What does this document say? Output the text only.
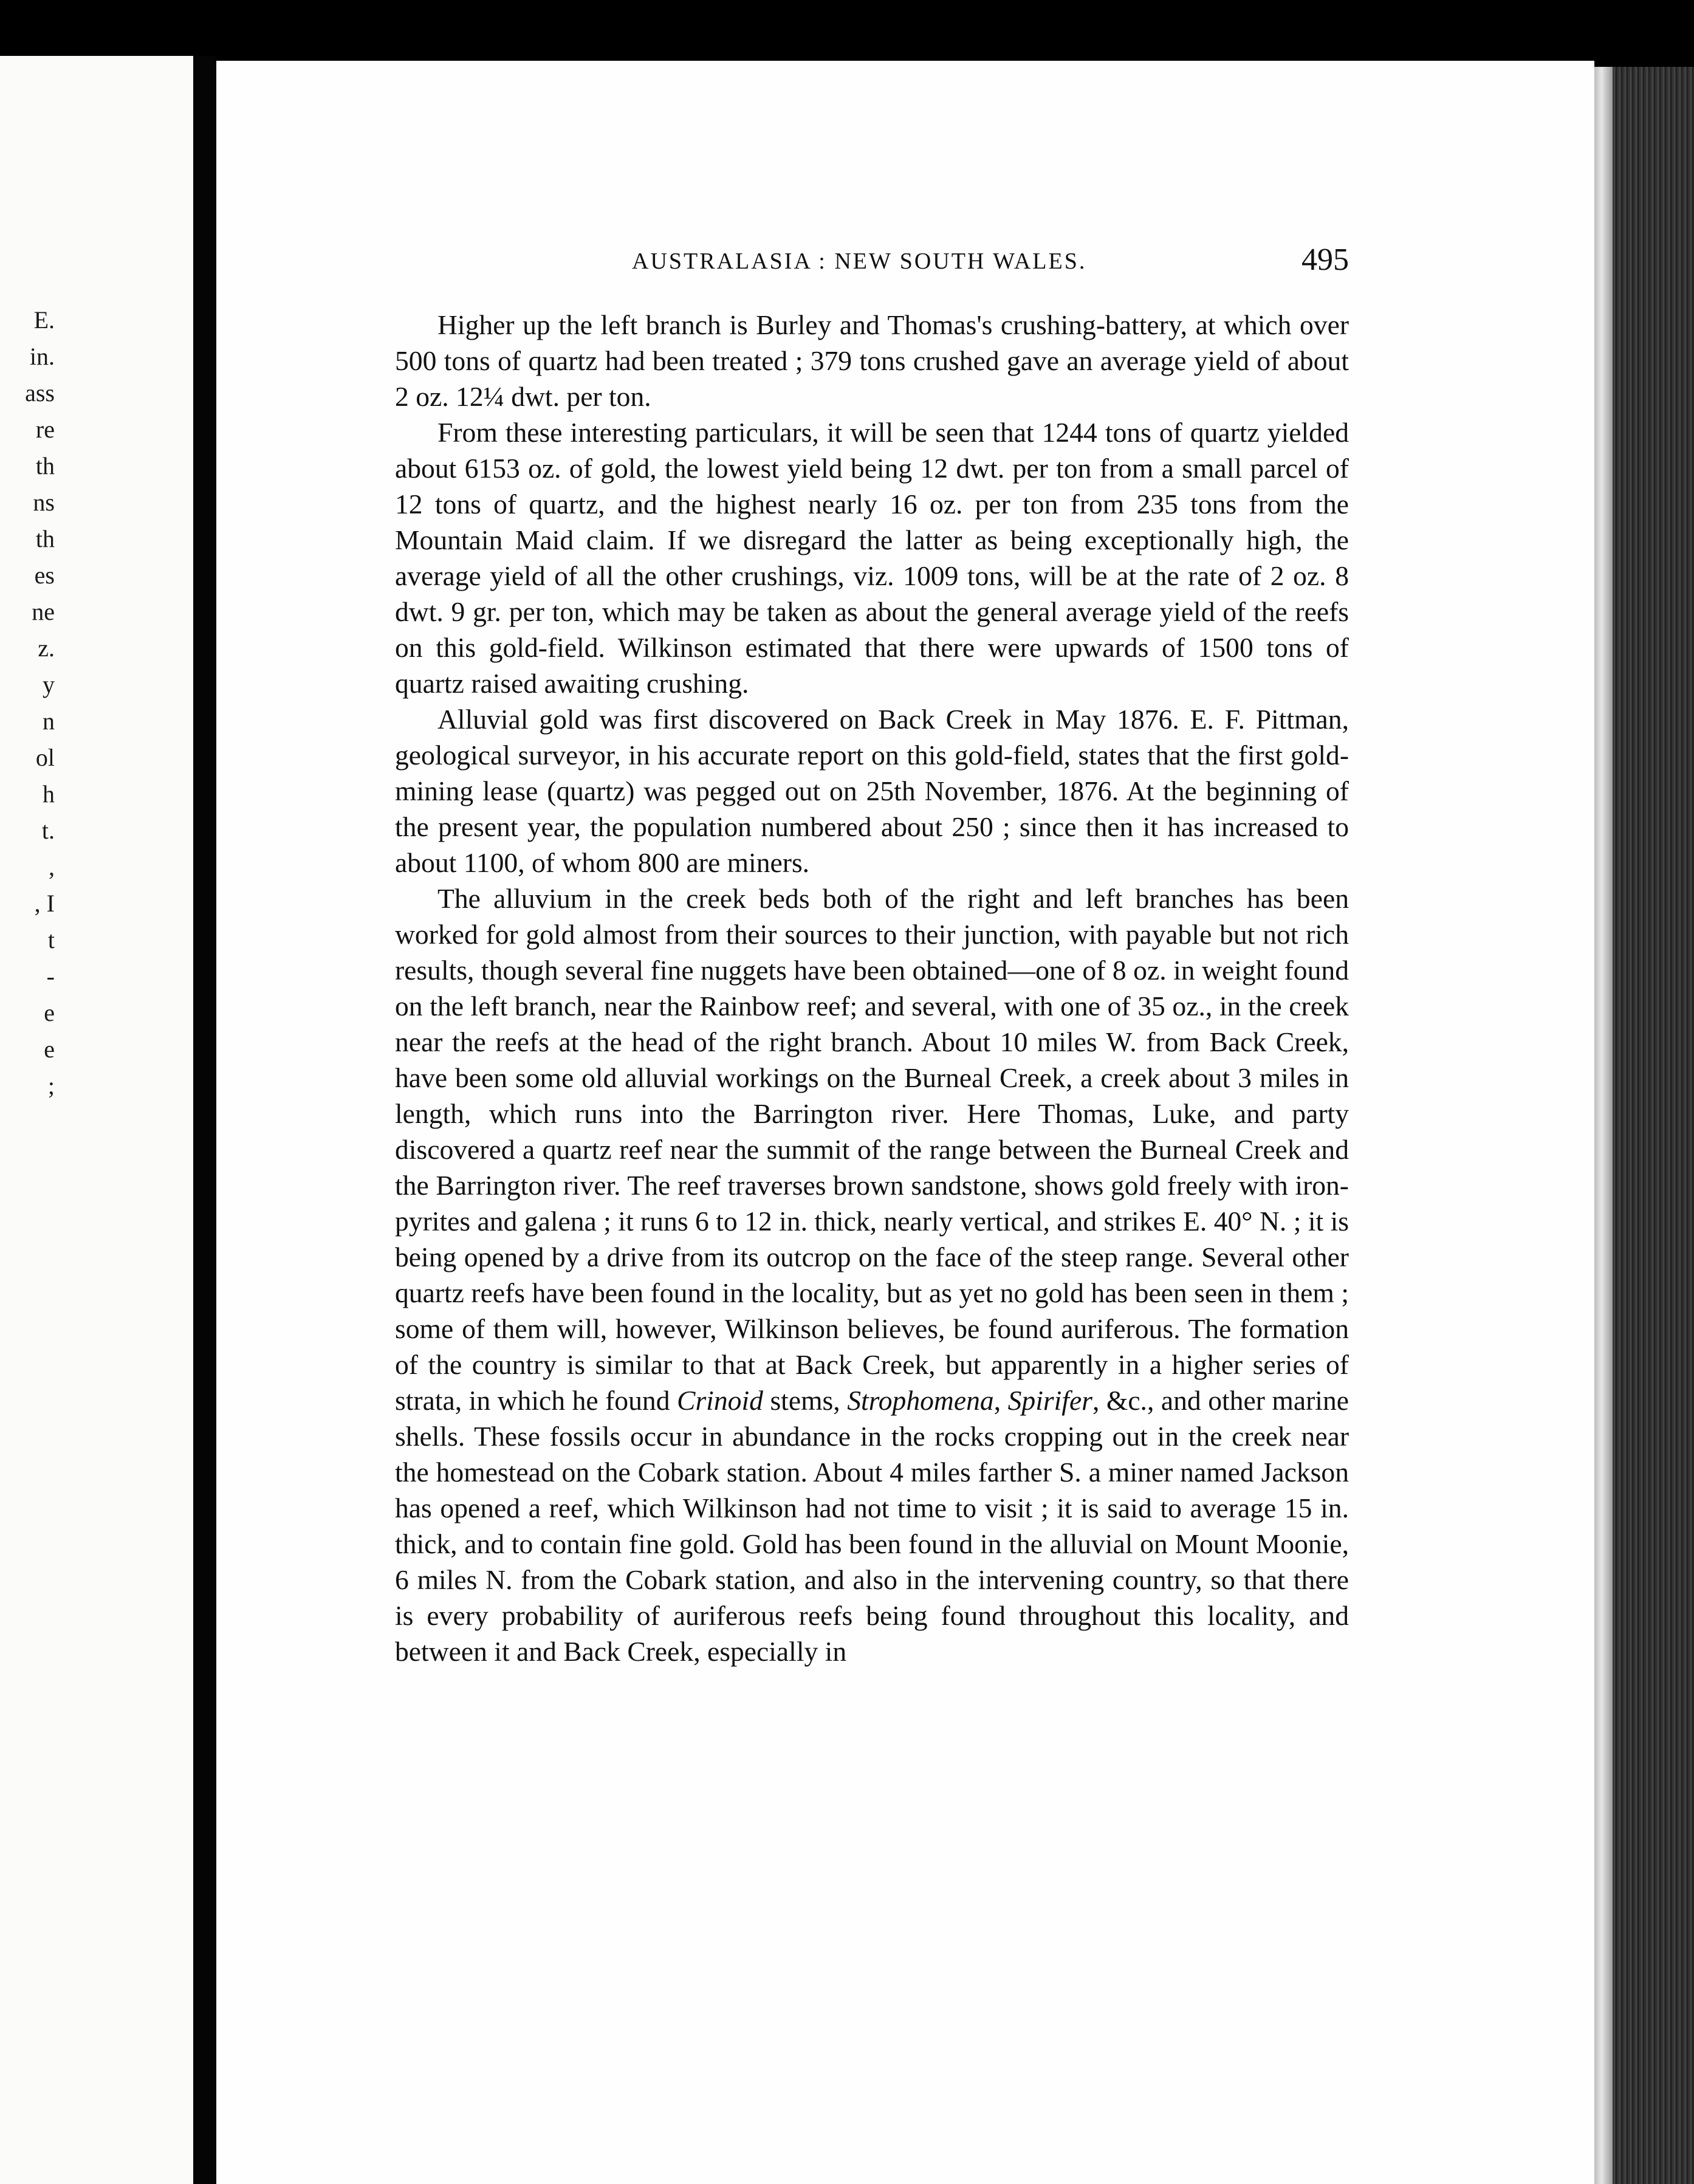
E.
in.
ass
re
th
ns
th
es
ne
z.
y
n
ol
h
t.
,
, I
t
-
e
e
;
AUSTRALASIA : NEW SOUTH WALES.	495

Higher up the left branch is Burley and Thomas's crushing-battery, at which over 500 tons of quartz had been treated ; 379 tons crushed gave an average yield of about 2 oz. 12¼ dwt. per ton.

From these interesting particulars, it will be seen that 1244 tons of quartz yielded about 6153 oz. of gold, the lowest yield being 12 dwt. per ton from a small parcel of 12 tons of quartz, and the highest nearly 16 oz. per ton from 235 tons from the Mountain Maid claim. If we disregard the latter as being exceptionally high, the average yield of all the other crushings, viz. 1009 tons, will be at the rate of 2 oz. 8 dwt. 9 gr. per ton, which may be taken as about the general average yield of the reefs on this gold-field. Wilkinson estimated that there were upwards of 1500 tons of quartz raised awaiting crushing.

Alluvial gold was first discovered on Back Creek in May 1876. E. F. Pittman, geological surveyor, in his accurate report on this gold-field, states that the first gold-mining lease (quartz) was pegged out on 25th November, 1876. At the beginning of the present year, the population numbered about 250 ; since then it has increased to about 1100, of whom 800 are miners.

The alluvium in the creek beds both of the right and left branches has been worked for gold almost from their sources to their junction, with payable but not rich results, though several fine nuggets have been obtained—one of 8 oz. in weight found on the left branch, near the Rainbow reef; and several, with one of 35 oz., in the creek near the reefs at the head of the right branch. About 10 miles W. from Back Creek, have been some old alluvial workings on the Burneal Creek, a creek about 3 miles in length, which runs into the Barrington river. Here Thomas, Luke, and party discovered a quartz reef near the summit of the range between the Burneal Creek and the Barrington river. The reef traverses brown sandstone, shows gold freely with iron-pyrites and galena ; it runs 6 to 12 in. thick, nearly vertical, and strikes E. 40° N. ; it is being opened by a drive from its outcrop on the face of the steep range. Several other quartz reefs have been found in the locality, but as yet no gold has been seen in them ; some of them will, however, Wilkinson believes, be found auriferous. The formation of the country is similar to that at Back Creek, but apparently in a higher series of strata, in which he found Crinoid stems, Strophomena, Spirifer, &c., and other marine shells. These fossils occur in abundance in the rocks cropping out in the creek near the homestead on the Cobark station. About 4 miles farther S. a miner named Jackson has opened a reef, which Wilkinson had not time to visit ; it is said to average 15 in. thick, and to contain fine gold. Gold has been found in the alluvial on Mount Moonie, 6 miles N. from the Cobark station, and also in the intervening country, so that there is every probability of auriferous reefs being found throughout this locality, and between it and Back Creek, especially in
